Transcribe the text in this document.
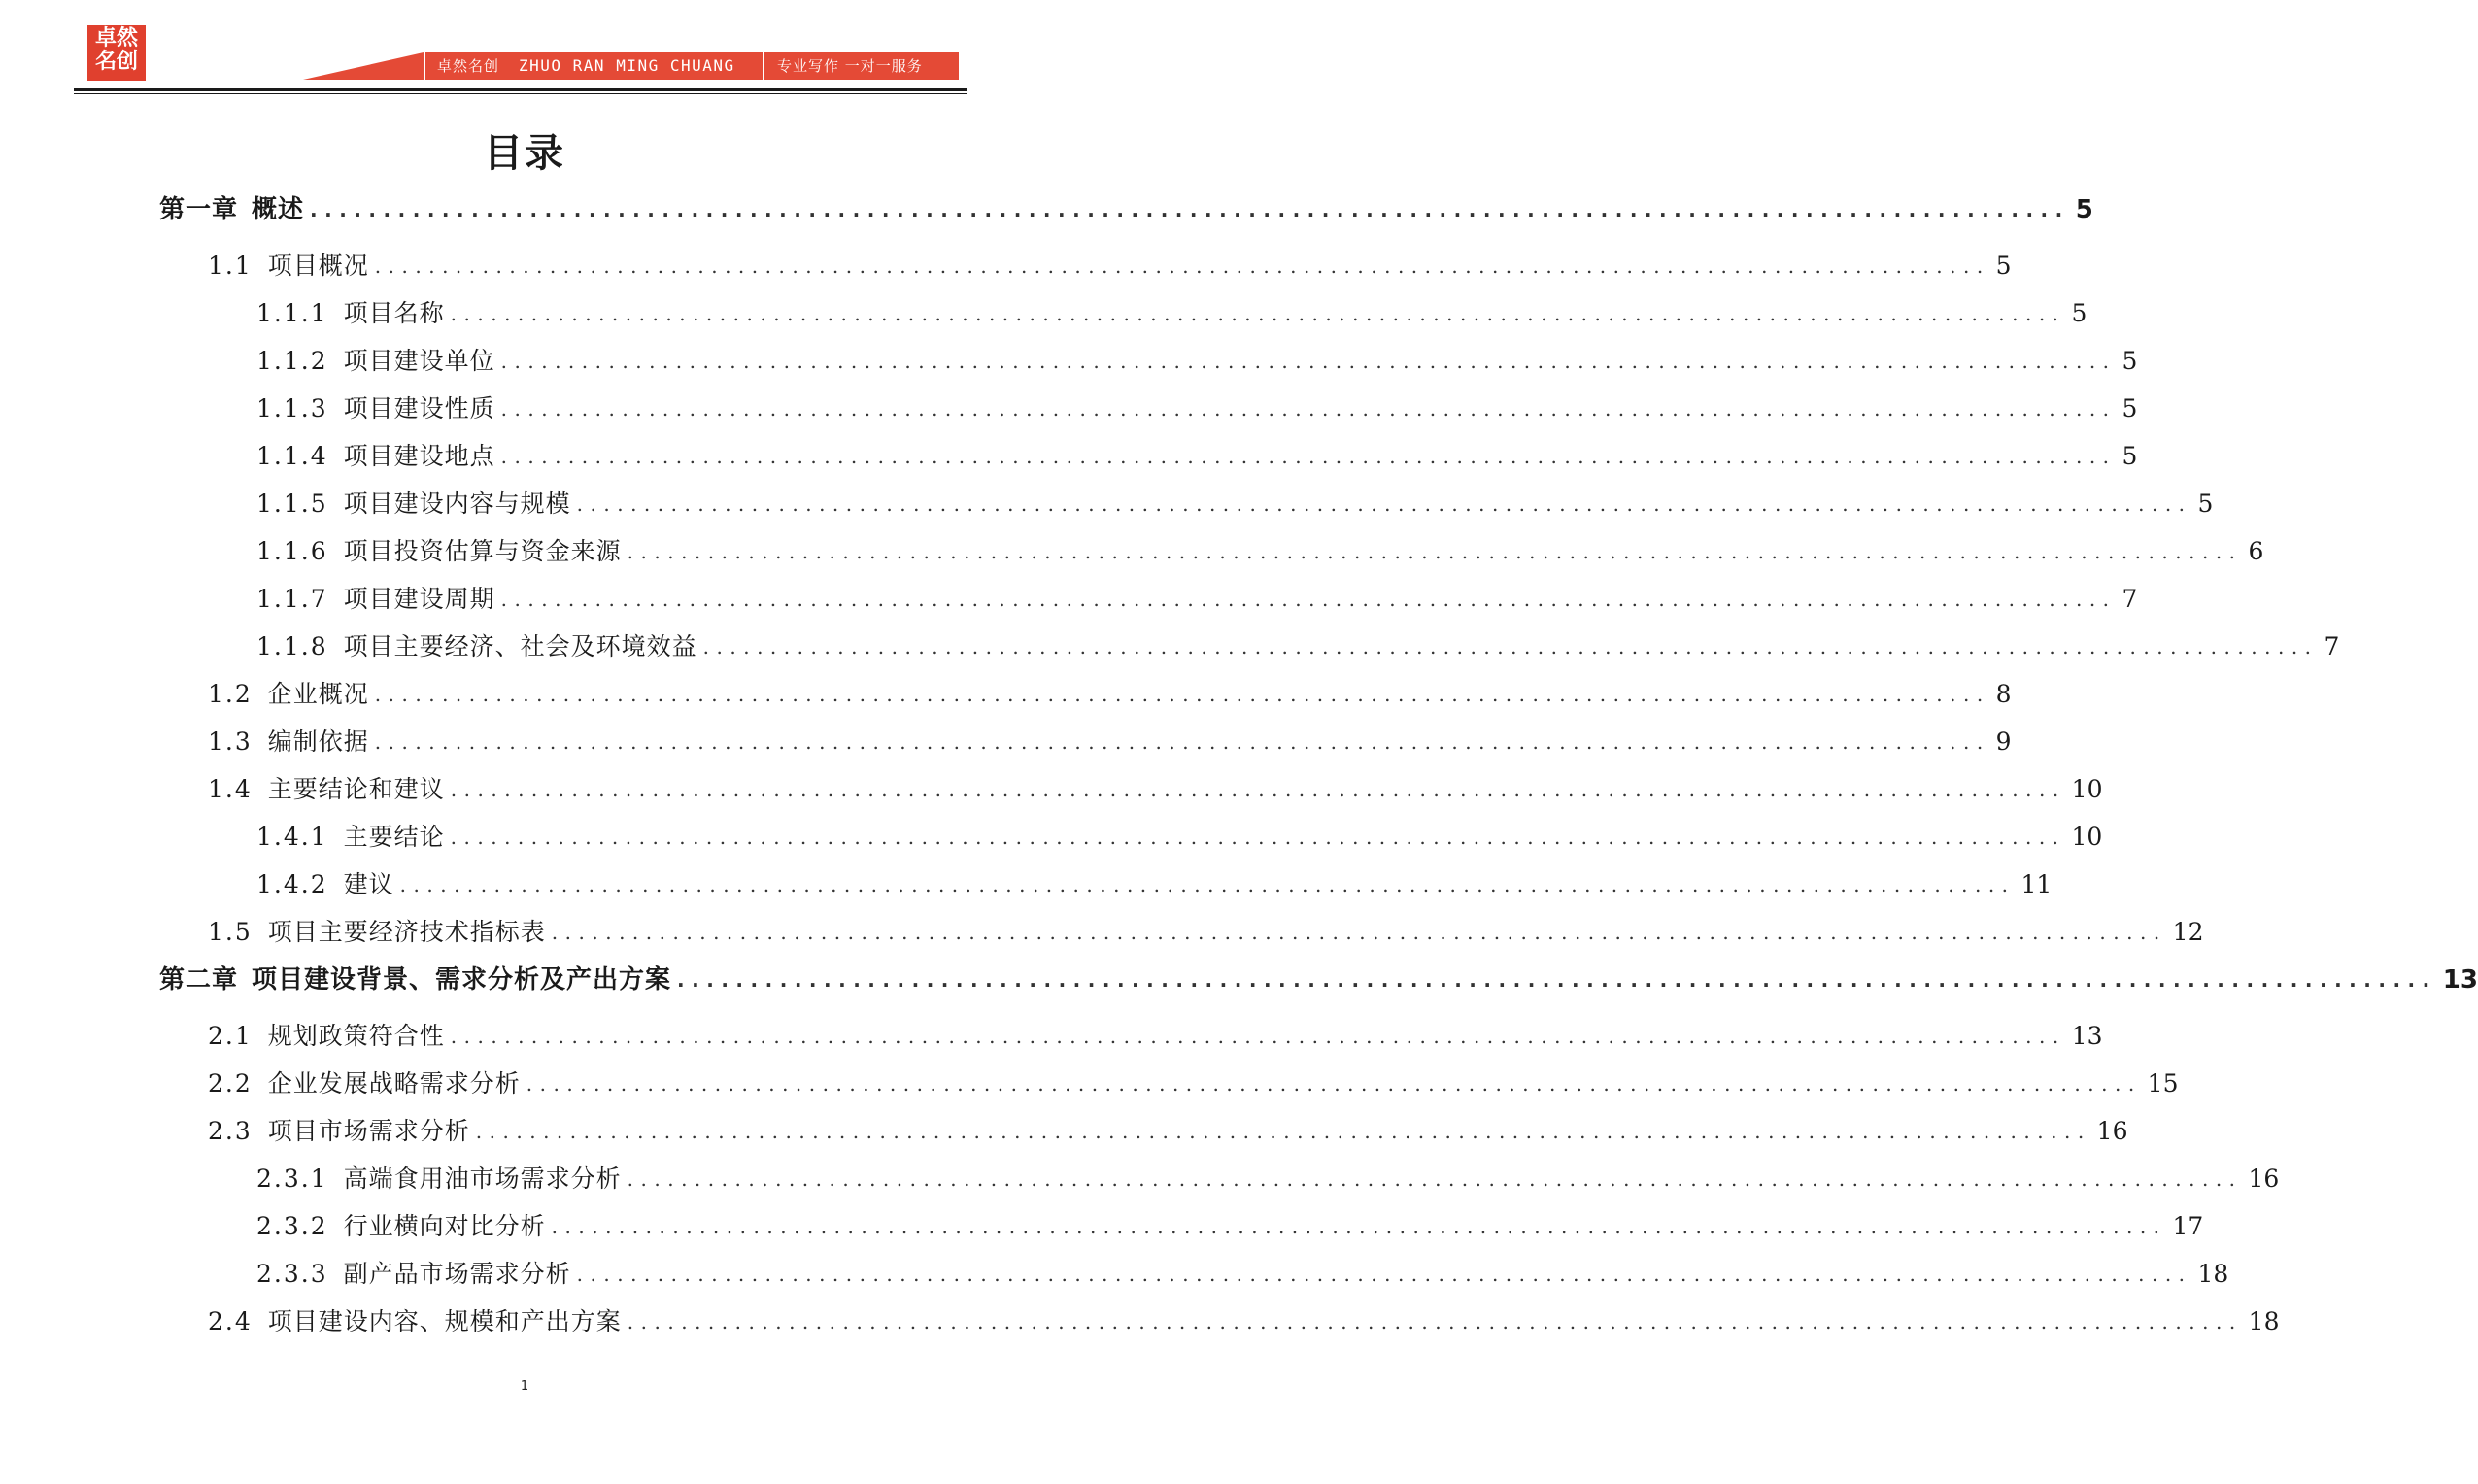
卓然
名创	卓然名创 ZHUO RAN MING CHUANG	专业写作 一对一服务
目录
第一章 概述 ........................................................................................................................ 5
1.1 项目概况 ........................................................................................................................ 5
1.1.1 项目名称 ........................................................................................................................ 5
1.1.2 项目建设单位 ........................................................................................................................ 5
1.1.3 项目建设性质 ........................................................................................................................ 5
1.1.4 项目建设地点 ........................................................................................................................ 5
1.1.5 项目建设内容与规模 ........................................................................................................................ 5
1.1.6 项目投资估算与资金来源 ........................................................................................................................ 6
1.1.7 项目建设周期 ........................................................................................................................ 7
1.1.8 项目主要经济、社会及环境效益 ........................................................................................................................ 7
1.2 企业概况 ........................................................................................................................ 8
1.3 编制依据 ........................................................................................................................ 9
1.4 主要结论和建议 ........................................................................................................................ 10
1.4.1 主要结论 ........................................................................................................................ 10
1.4.2 建议 ........................................................................................................................ 11
1.5 项目主要经济技术指标表 ........................................................................................................................ 12
第二章 项目建设背景、需求分析及产出方案 ........................................................................................................................ 13
2.1 规划政策符合性 ........................................................................................................................ 13
2.2 企业发展战略需求分析 ........................................................................................................................ 15
2.3 项目市场需求分析 ........................................................................................................................ 16
2.3.1 高端食用油市场需求分析 ........................................................................................................................ 16
2.3.2 行业横向对比分析 ........................................................................................................................ 17
2.3.3 副产品市场需求分析 ........................................................................................................................ 18
2.4 项目建设内容、规模和产出方案 ........................................................................................................................ 18
1
